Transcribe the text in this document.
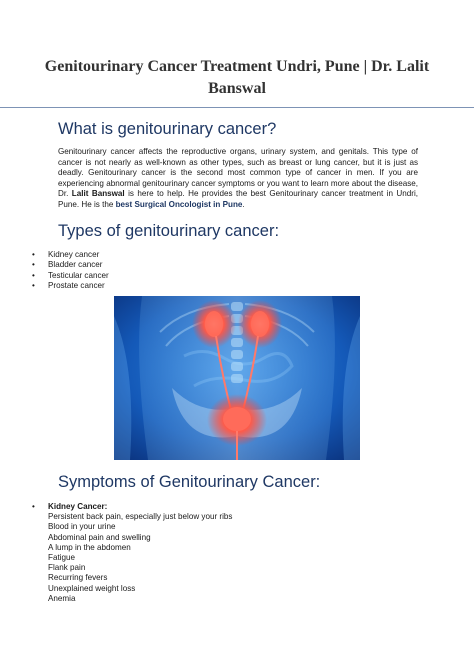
Genitourinary Cancer Treatment Undri, Pune | Dr. Lalit Banswal
What is genitourinary cancer?

Genitourinary cancer affects the reproductive organs, urinary system, and genitals. This type of cancer is not nearly as well-known as other types, such as breast or lung cancer, but it is just as deadly. Genitourinary cancer is the second most common type of cancer in men. If you are experiencing abnormal genitourinary cancer symptoms or you want to learn more about the disease, Dr. Lalit Banswal is here to help. He provides the best Genitourinary cancer treatment in Undri, Pune. He is the best Surgical Oncologist in Pune.

Types of genitourinary cancer:
• Kidney cancer
• Bladder cancer
• Testicular cancer
• Prostate cancer
Symptoms of Genitourinary Cancer:
• Kidney Cancer:
Persistent back pain, especially just below your ribs
Blood in your urine
Abdominal pain and swelling
A lump in the abdomen
Fatigue
Flank pain
Recurring fevers
Unexplained weight loss
Anemia
